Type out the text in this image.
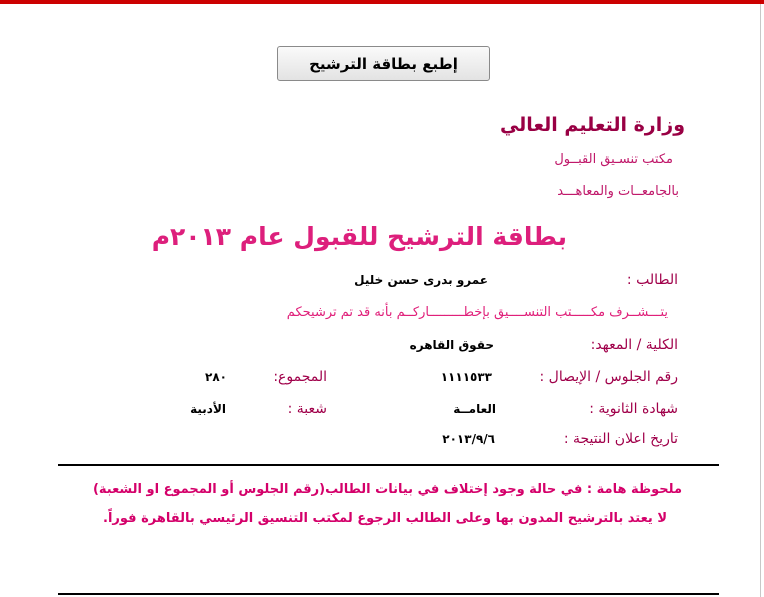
إطبع بطاقة الترشيح
وزارة التعليم العالي
مكتب تنسـيق القبــول
بالجامعــات والمعاهـــد
بطاقة الترشيح للقبول عام ٢٠١٣م
الطالب :
عمرو بدرى حسن خليل
يتـــشــرف مكـــــتب التنســــيق بإخطـــــــــاركــم بأنه قد تم ترشيحكم
الكلية / المعهد:
حقوق القاهره
رقم الجلوس / الإيصال :
١١١١٥٣٣
المجموع:
٢٨٠
شهادة الثانوية :
العامــة
شعبة :
الأدبية
تاريخ اعلان النتيجة :
٢٠١٣/٩/٦
ملحوظة هامة : في حالة وجود إختلاف في بيانات الطالب(رقم الجلوس أو المجموع او الشعبة)
لا يعتد بالترشيح المدون بها وعلى الطالب الرجوع لمكتب التنسيق الرئيسي بالقاهرة فوراً.
